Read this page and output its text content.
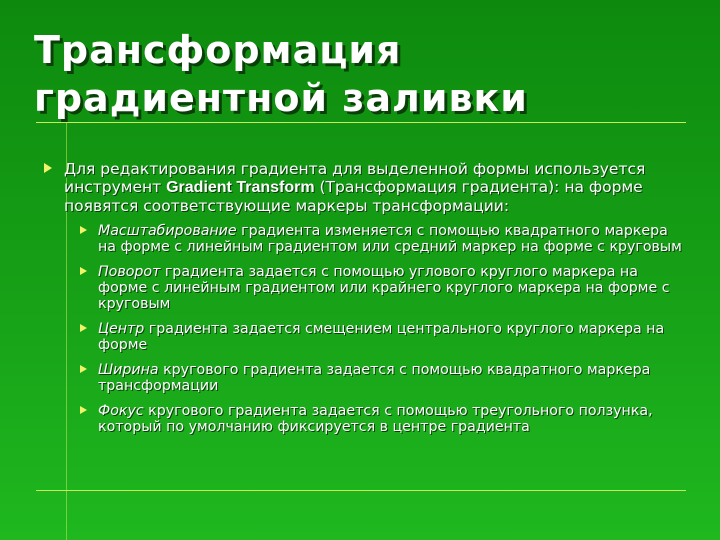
Трансформация
градиентной заливки
Для редактирования градиента для выделенной формы используется инструмент Gradient Transform (Трансформация градиента): на форме появятся соответствующие маркеры трансформации:
Масштабирование градиента изменяется с помощью квадратного маркера на форме с линейным градиентом или средний маркер на форме с круговым
Поворот градиента задается с помощью углового круглого маркера на форме с линейным градиентом или крайнего круглого маркера на форме с круговым
Центр градиента задается смещением центрального круглого маркера на форме
Ширина кругового градиента задается с помощью квадратного маркера трансформации
Фокус кругового градиента задается с помощью треугольного ползунка, который по умолчанию фиксируется в центре градиента
